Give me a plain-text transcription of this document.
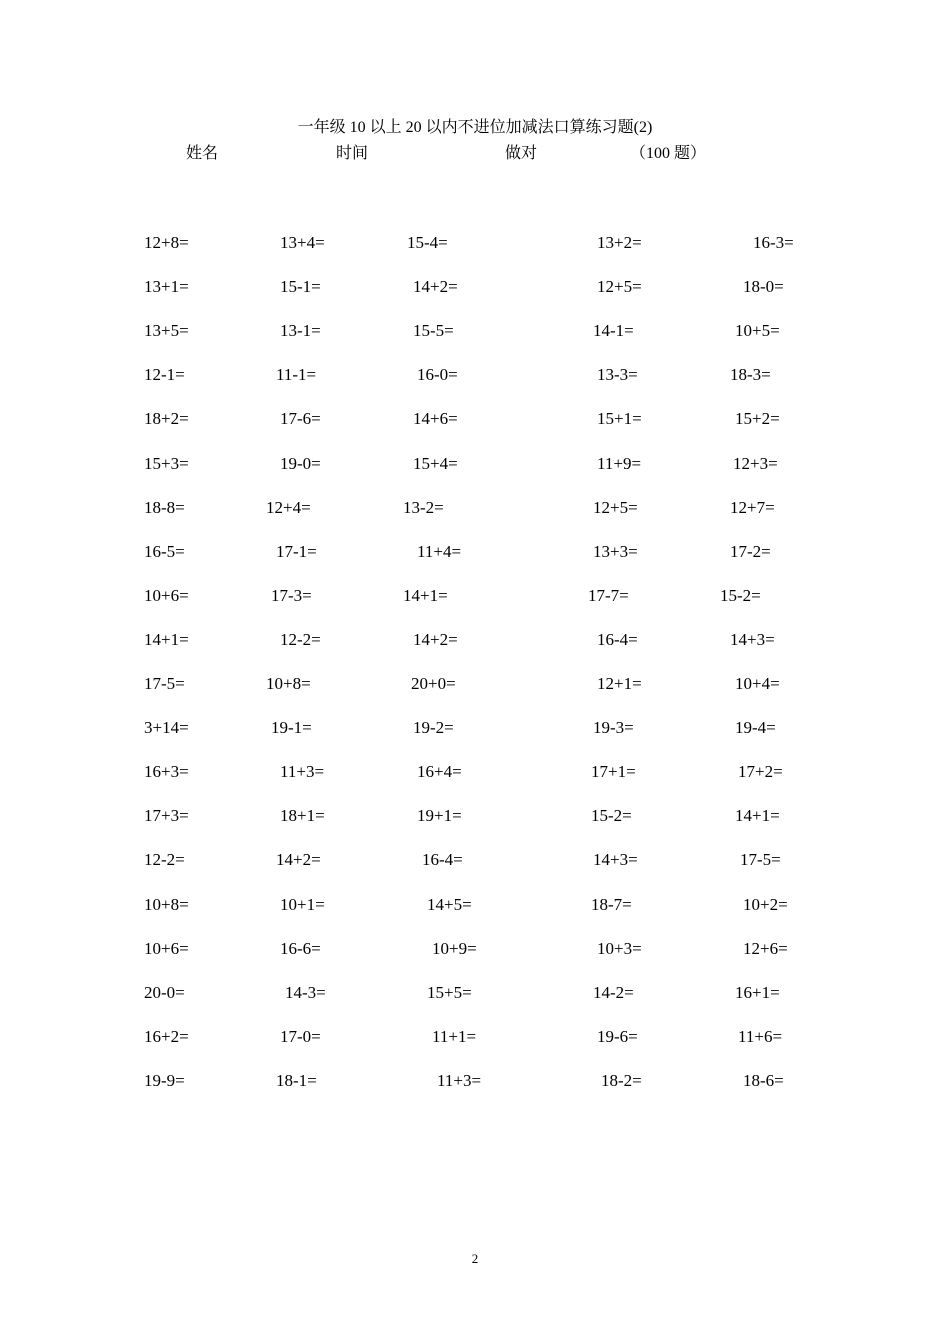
一年级 10 以上 20 以内不进位加减法口算练习题(2)
姓名	时间	做对	（100 题）
12+8=	13+4=	15-4=	13+2=	16-3=
13+1=	15-1=	14+2=	12+5=	18-0=
13+5=	13-1=	15-5=	14-1=	10+5=
12-1=	11-1=	16-0=	13-3=	18-3=
18+2=	17-6=	14+6=	15+1=	15+2=
15+3=	19-0=	15+4=	11+9=	12+3=
18-8=	12+4=	13-2=	12+5=	12+7=
16-5=	17-1=	11+4=	13+3=	17-2=
10+6=	17-3=	14+1=	17-7=	15-2=
14+1=	12-2=	14+2=	16-4=	14+3=
17-5=	10+8=	20+0=	12+1=	10+4=
3+14=	19-1=	19-2=	19-3=	19-4=
16+3=	11+3=	16+4=	17+1=	17+2=
17+3=	18+1=	19+1=	15-2=	14+1=
12-2=	14+2=	16-4=	14+3=	17-5=
10+8=	10+1=	14+5=	18-7=	10+2=
10+6=	16-6=	10+9=	10+3=	12+6=
20-0=	14-3=	15+5=	14-2=	16+1=
16+2=	17-0=	11+1=	19-6=	11+6=
19-9=	18-1=	11+3=	18-2=	18-6=
2
